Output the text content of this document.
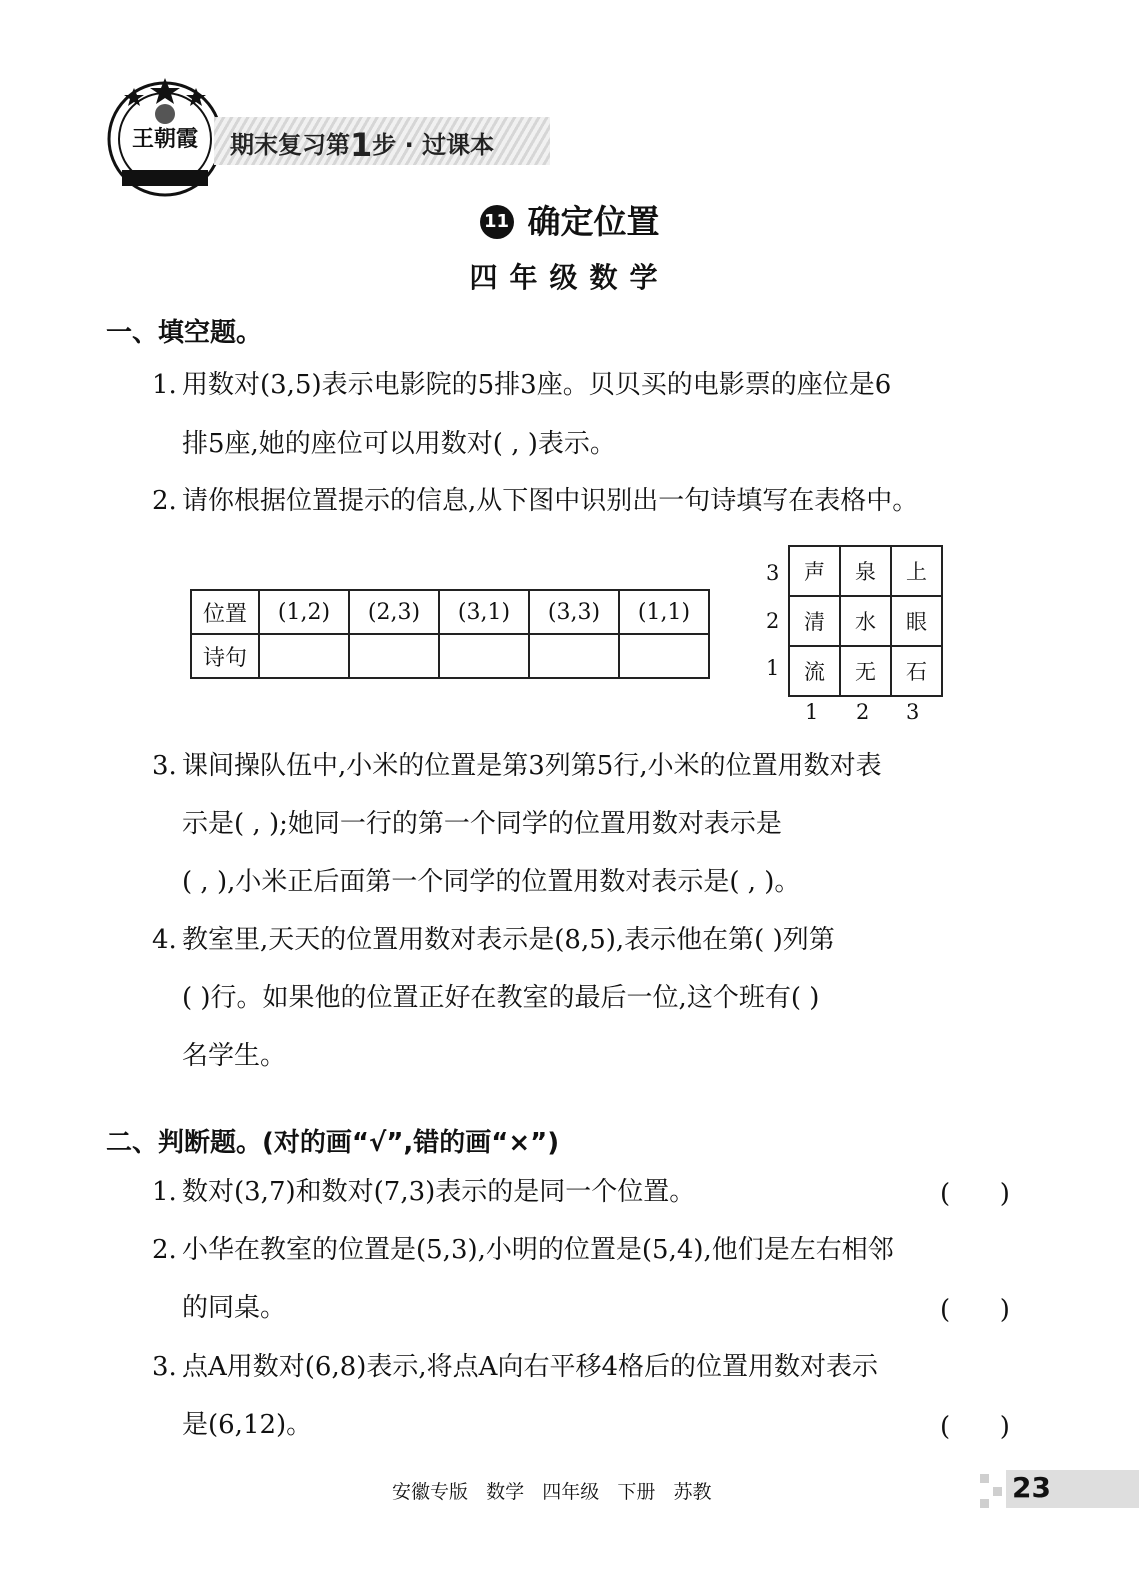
王朝霞 期末复习第1步 · 过课本
11 确定位置
四年级数学
一、填空题。
1. 用数对(3,5)表示电影院的5排3座。贝贝买的电影票的座位是6
排5座,她的座位可以用数对( , )表示。
2. 请你根据位置提示的信息,从下图中识别出一句诗填写在表格中。
位置	(1,2)	(2,3)	(3,1)	(3,3)	(1,1)
诗句					
3
2
1
声	泉	上
清	水	眼
流	无	石
1 2 3
3. 课间操队伍中,小米的位置是第3列第5行,小米的位置用数对表
示是( , );她同一行的第一个同学的位置用数对表示是
( , ),小米正后面第一个同学的位置用数对表示是( , )。
4. 教室里,天天的位置用数对表示是(8,5),表示他在第( )列第
( )行。如果他的位置正好在教室的最后一位,这个班有( )
名学生。
二、判断题。(对的画“√”,错的画“×”)
1. 数对(3,7)和数对(7,3)表示的是同一个位置。	(      )
2. 小华在教室的位置是(5,3),小明的位置是(5,4),他们是左右相邻
的同桌。	(      )
3. 点A用数对(6,8)表示,将点A向右平移4格后的位置用数对表示
是(6,12)。	(      )
安徽专版   数学   四年级   下册   苏教	23
